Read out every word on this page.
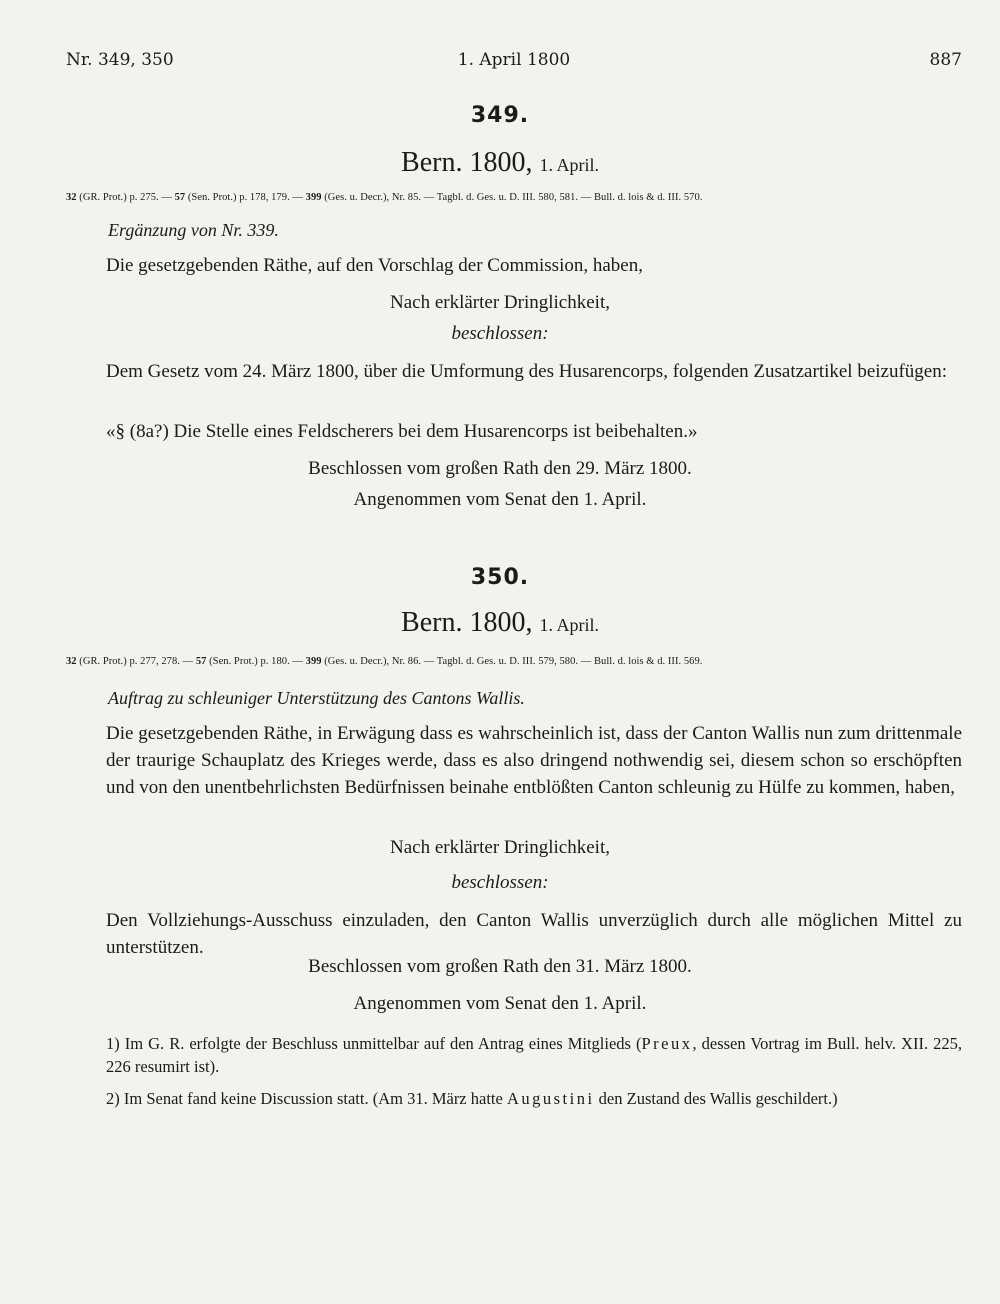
Nr. 349, 350	1. April 1800	887
349.
Bern. 1800, 1. April.
32 (GR. Prot.) p. 275. — 57 (Sen. Prot.) p. 178, 179. — 399 (Ges. u. Decr.), Nr. 85. — Tagbl. d. Ges. u. D. III. 580, 581. — Bull. d. lois & d. III. 570.
Ergänzung von Nr. 339.
Die gesetzgebenden Räthe, auf den Vorschlag der Commission, haben,
Nach erklärter Dringlichkeit,
beschlossen:
Dem Gesetz vom 24. März 1800, über die Umformung des Husarencorps, folgenden Zusatzartikel beizufügen:
«§ (8a?) Die Stelle eines Feldscherers bei dem Husarencorps ist beibehalten.»
Beschlossen vom großen Rath den 29. März 1800.
Angenommen vom Senat den 1. April.
350.
Bern. 1800, 1. April.
32 (GR. Prot.) p. 277, 278. — 57 (Sen. Prot.) p. 180. — 399 (Ges. u. Decr.), Nr. 86. — Tagbl. d. Ges. u. D. III. 579, 580. — Bull. d. lois & d. III. 569.
Auftrag zu schleuniger Unterstützung des Cantons Wallis.
Die gesetzgebenden Räthe, in Erwägung dass es wahrscheinlich ist, dass der Canton Wallis nun zum drittenmale der traurige Schauplatz des Krieges werde, dass es also dringend nothwendig sei, diesem schon so erschöpften und von den unentbehrlichsten Bedürfnissen beinahe entblößten Canton schleunig zu Hülfe zu kommen, haben,
Nach erklärter Dringlichkeit,
beschlossen:
Den Vollziehungs-Ausschuss einzuladen, den Canton Wallis unverzüglich durch alle möglichen Mittel zu unterstützen.
Beschlossen vom großen Rath den 31. März 1800.
Angenommen vom Senat den 1. April.
1) Im G. R. erfolgte der Beschluss unmittelbar auf den Antrag eines Mitglieds (Preux, dessen Vortrag im Bull. helv. XII. 225, 226 resumirt ist).
2) Im Senat fand keine Discussion statt. (Am 31. März hatte Augustini den Zustand des Wallis geschildert.)
